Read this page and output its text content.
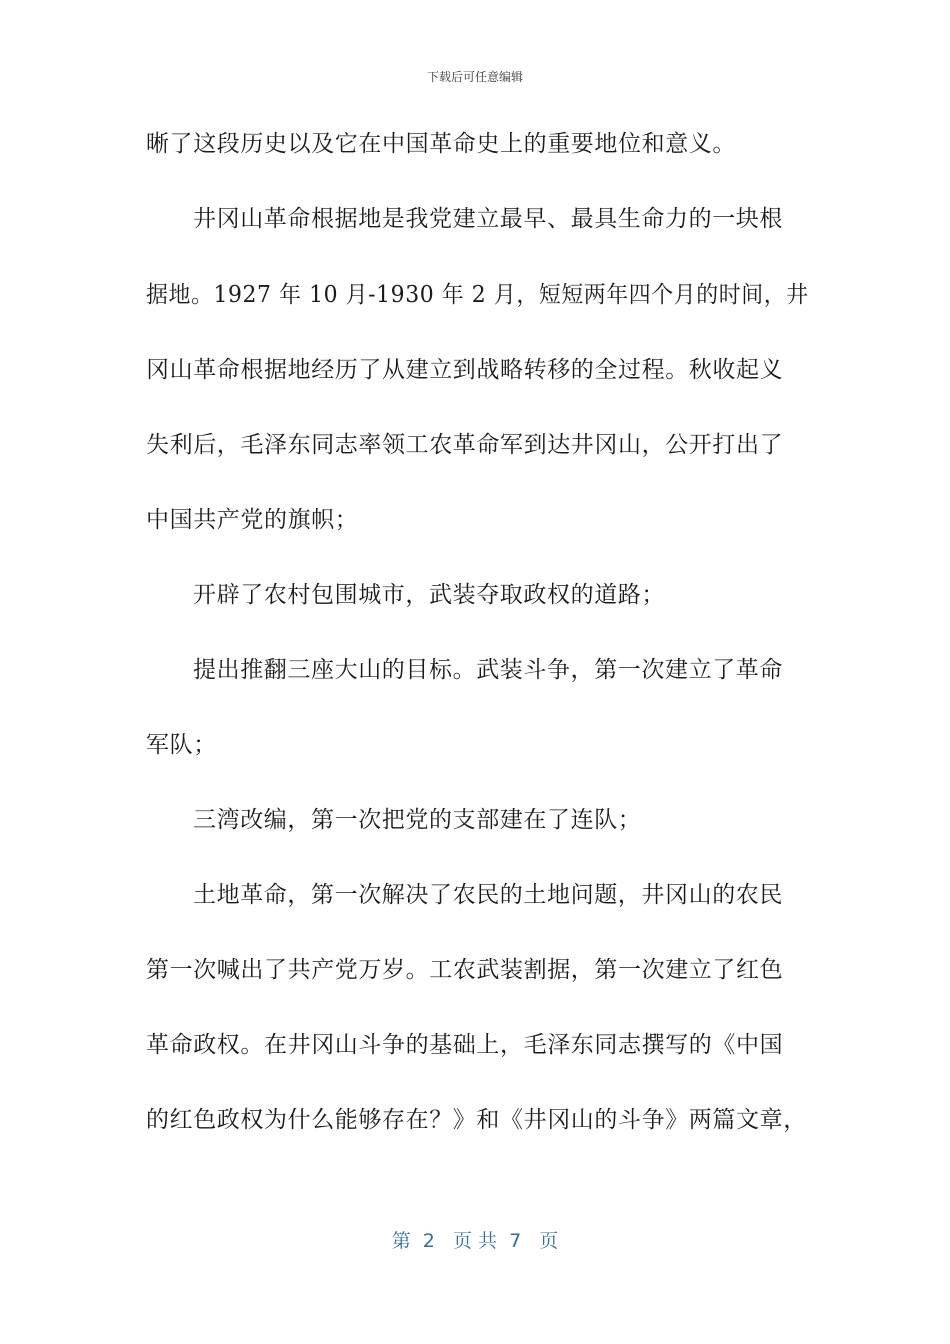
下载后可任意编辑
晰了这段历史以及它在中国革命史上的重要地位和意义。
井冈山革命根据地是我党建立最早、最具生命力的一块根
据地。1927 年 10 月-1930 年 2 月，短短两年四个月的时间，井
冈山革命根据地经历了从建立到战略转移的全过程。秋收起义
失利后，毛泽东同志率领工农革命军到达井冈山，公开打出了
中国共产党的旗帜；
开辟了农村包围城市，武装夺取政权的道路；
提出推翻三座大山的目标。武装斗争，第一次建立了革命
军队；
三湾改编，第一次把党的支部建在了连队；
土地革命，第一次解决了农民的土地问题，井冈山的农民
第一次喊出了共产党万岁。工农武装割据，第一次建立了红色
革命政权。在井冈山斗争的基础上，毛泽东同志撰写的《中国
的红色政权为什么能够存在？》和《井冈山的斗争》两篇文章，
第  2   页 共  7   页
